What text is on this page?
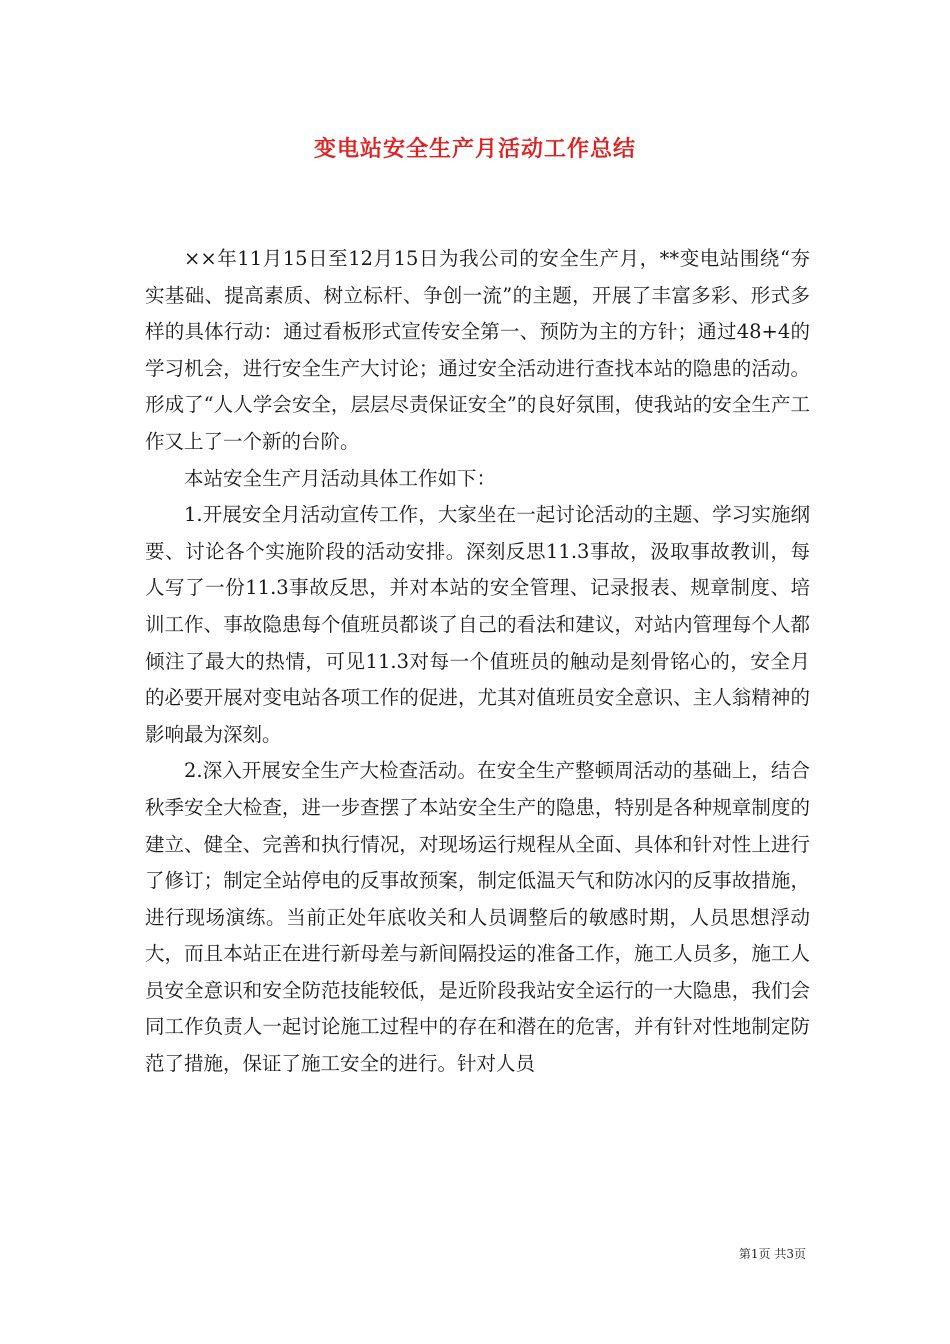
变电站安全生产月活动工作总结

××年11月15日至12月15日为我公司的安全生产月，**变电站围绕“夯实基础、提高素质、树立标杆、争创一流”的主题，开展了丰富多彩、形式多样的具体行动：通过看板形式宣传安全第一、预防为主的方针；通过48+4的学习机会，进行安全生产大讨论；通过安全活动进行查找本站的隐患的活动。形成了“人人学会安全，层层尽责保证安全”的良好氛围，使我站的安全生产工作又上了一个新的台阶。

本站安全生产月活动具体工作如下：

1.开展安全月活动宣传工作，大家坐在一起讨论活动的主题、学习实施纲要、讨论各个实施阶段的活动安排。深刻反思11.3事故，汲取事故教训，每人写了一份11.3事故反思，并对本站的安全管理、记录报表、规章制度、培训工作、事故隐患每个值班员都谈了自己的看法和建议，对站内管理每个人都倾注了最大的热情，可见11.3对每一个值班员的触动是刻骨铭心的，安全月的必要开展对变电站各项工作的促进，尤其对值班员安全意识、主人翁精神的影响最为深刻。

2.深入开展安全生产大检查活动。在安全生产整顿周活动的基础上，结合秋季安全大检查，进一步查摆了本站安全生产的隐患，特别是各种规章制度的建立、健全、完善和执行情况，对现场运行规程从全面、具体和针对性上进行了修订；制定全站停电的反事故预案，制定低温天气和防冰闪的反事故措施，进行现场演练。当前正处年底收关和人员调整后的敏感时期，人员思想浮动大，而且本站正在进行新母差与新间隔投运的准备工作，施工人员多，施工人员安全意识和安全防范技能较低，是近阶段我站安全运行的一大隐患，我们会同工作负责人一起讨论施工过程中的存在和潜在的危害，并有针对性地制定防范了措施，保证了施工安全的进行。针对人员

第1页 共3页
